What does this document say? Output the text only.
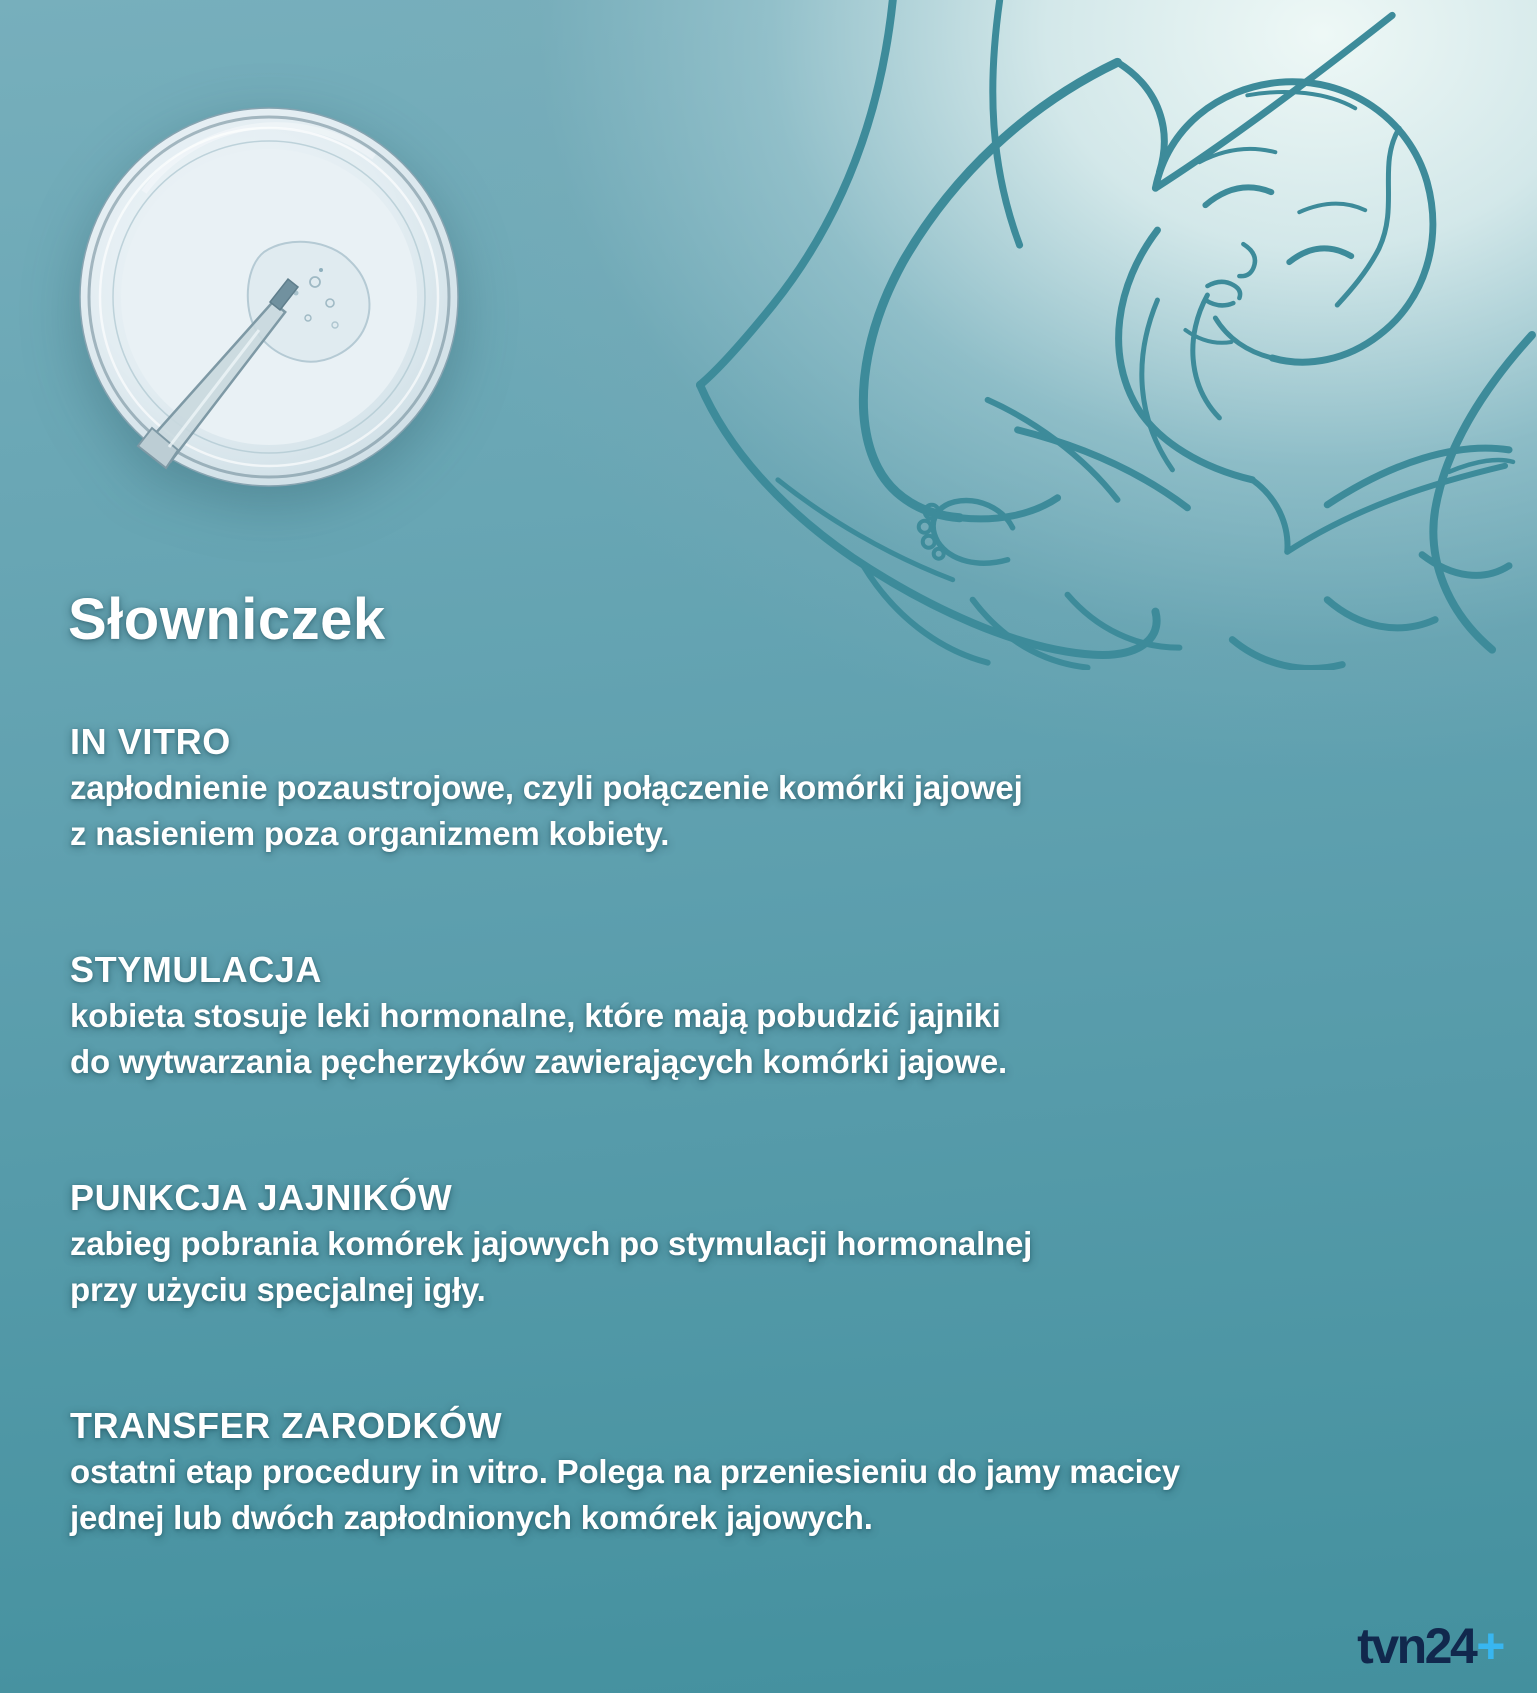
Słowniczek
IN VITRO

zapłodnienie pozaustrojowe, czyli połączenie komórki jajowej

z nasieniem poza organizmem kobiety.

STYMULACJA

kobieta stosuje leki hormonalne, które mają pobudzić jajniki

do wytwarzania pęcherzyków zawierających komórki jajowe.

PUNKCJA JAJNIKÓW

zabieg pobrania komórek jajowych po stymulacji hormonalnej

przy użyciu specjalnej igły.

TRANSFER ZARODKÓW

ostatni etap procedury in vitro. Polega na przeniesieniu do jamy macicy

jednej lub dwóch zapłodnionych komórek jajowych.

tvn24+
